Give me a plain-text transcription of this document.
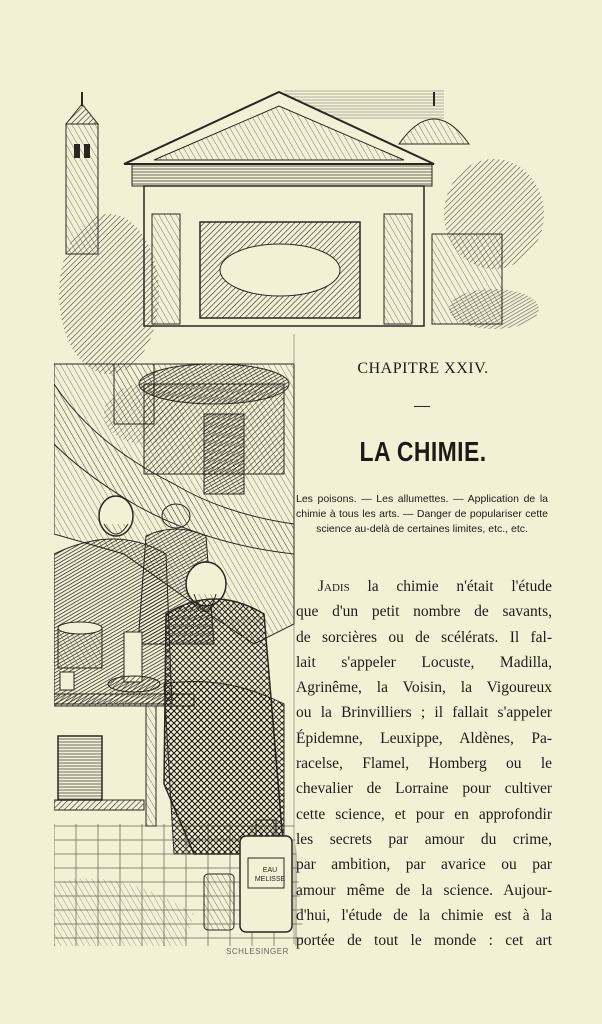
EAU
MELISSE
SCHLESINGER
CHAPITRE XXIV.
LA CHIMIE.
Les poisons. — Les allumettes. — Application de la chimie à tous les arts. — Danger de populariser cette science au-delà de certaines limites, etc., etc.
Jadis la chimie n'était l'étude
que d'un petit nombre de savants,
de sorcières ou de scélérats. Il fal-
lait s'appeler Locuste, Madilla,
Agrinême, la Voisin, la Vigoureux
ou la Brinvilliers ; il fallait s'appeler
Épidemne, Leuxippe, Aldènes, Pa-
racelse, Flamel, Homberg ou le
chevalier de Lorraine pour cultiver
cette science, et pour en approfondir
les secrets par amour du crime,
par ambition, par avarice ou par
amour même de la science. Aujour-
d'hui, l'étude de la chimie est à la
portée de tout le monde : cet art
